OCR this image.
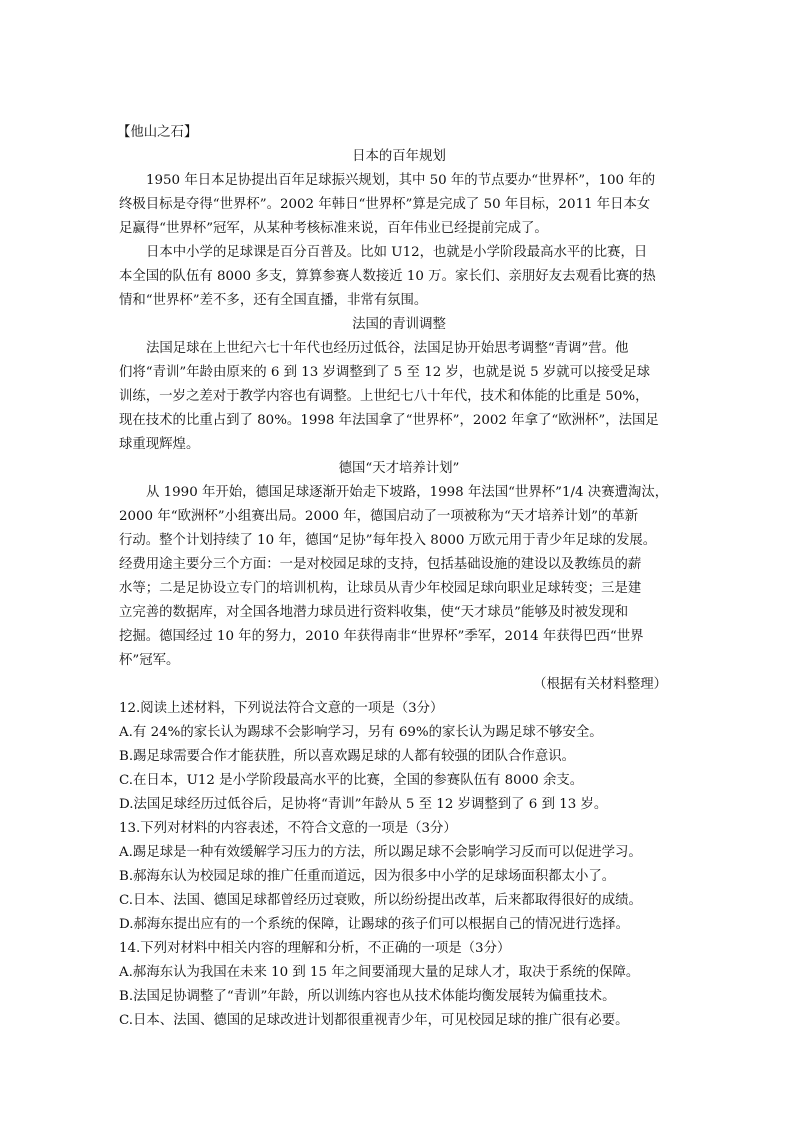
【他山之石】
日本的百年规划
1950 年日本足协提出百年足球振兴规划，其中 50 年的节点要办“世界杯”，100 年的
终极目标是夺得“世界杯”。2002 年韩日“世界杯”算是完成了 50 年目标，2011 年日本女
足赢得“世界杯”冠军，从某种考核标准来说，百年伟业已经提前完成了。
日本中小学的足球课是百分百普及。比如 U12，也就是小学阶段最高水平的比赛，日
本全国的队伍有 8000 多支，算算参赛人数接近 10 万。家长们、亲朋好友去观看比赛的热
情和“世界杯”差不多，还有全国直播，非常有氛围。
法国的青训调整
法国足球在上世纪六七十年代也经历过低谷，法国足协开始思考调整“青调”营。他
们将“青训”年龄由原来的 6 到 13 岁调整到了 5 至 12 岁，也就是说 5 岁就可以接受足球
训练，一岁之差对于教学内容也有调整。上世纪七八十年代，技术和体能的比重是 50%，
现在技术的比重占到了 80%。1998 年法国拿了“世界杯”，2002 年拿了“欧洲杯”，法国足
球重现辉煌。
德国“天才培养计划”
从 1990 年开始，德国足球逐渐开始走下坡路，1998 年法国“世界杯”1/4 决赛遭淘汰，
2000 年“欧洲杯”小组赛出局。2000 年，德国启动了一项被称为“天才培养计划”的革新
行动。整个计划持续了 10 年，德国“足协”每年投入 8000 万欧元用于青少年足球的发展。
经费用途主要分三个方面：一是对校园足球的支持，包括基础设施的建设以及教练员的薪
水等；二是足协设立专门的培训机构，让球员从青少年校园足球向职业足球转变；三是建
立完善的数据库，对全国各地潜力球员进行资料收集，使“天才球员”能够及时被发现和
挖掘。德国经过 10 年的努力，2010 年获得南非“世界杯”季军，2014 年获得巴西“世界
杯”冠军。
（根据有关材料整理）
12.阅读上述材料，下列说法符合文意的一项是（3分）
A.有 24%的家长认为踢球不会影响学习，另有 69%的家长认为踢足球不够安全。
B.踢足球需要合作才能获胜，所以喜欢踢足球的人都有较强的团队合作意识。
C.在日本，U12 是小学阶段最高水平的比赛，全国的参赛队伍有 8000 余支。
D.法国足球经历过低谷后，足协将“青训”年龄从 5 至 12 岁调整到了 6 到 13 岁。
13.下列对材料的内容表述，不符合文意的一项是（3分）
A.踢足球是一种有效缓解学习压力的方法，所以踢足球不会影响学习反而可以促进学习。
B.郝海东认为校园足球的推广任重而道远，因为很多中小学的足球场面积都太小了。
C.日本、法国、德国足球都曾经历过衰败，所以纷纷提出改革，后来都取得很好的成绩。
D.郝海东提出应有的一个系统的保障，让踢球的孩子们可以根据自己的情况进行选择。
14.下列对材料中相关内容的理解和分析，不正确的一项是（3分）
A.郝海东认为我国在未来 10 到 15 年之间要涌现大量的足球人才，取决于系统的保障。
B.法国足协调整了“青训”年龄，所以训练内容也从技术体能均衡发展转为偏重技术。
C.日本、法国、德国的足球改进计划都很重视青少年，可见校园足球的推广很有必要。
